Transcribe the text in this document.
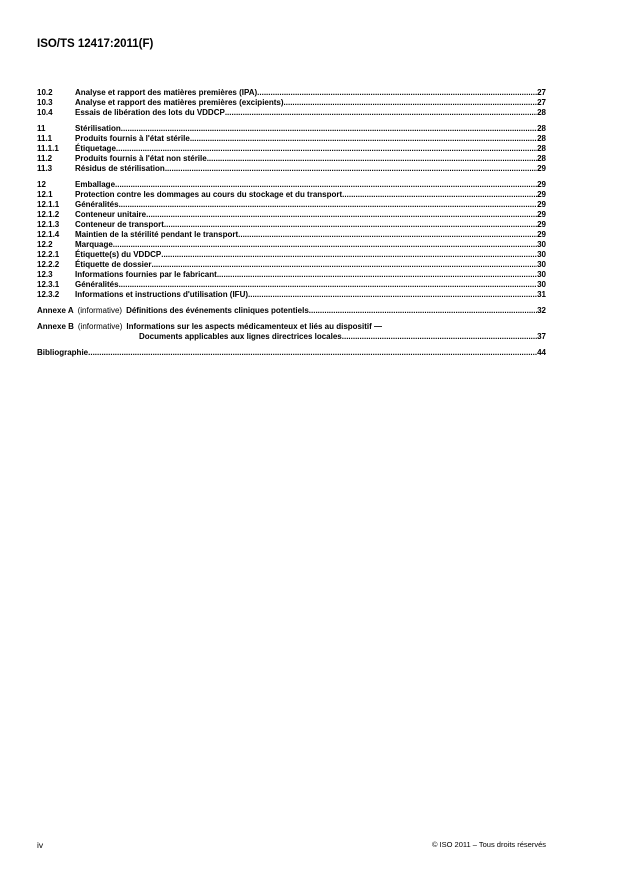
ISO/TS 12417:2011(F)
10.2	Analyse et rapport des matières premières (IPA) .....	27
10.3	Analyse et rapport des matières premières (excipients) .....	27
10.4	Essais de libération des lots du VDDCP .....	28
11	Stérilisation .....	28
11.1	Produits fournis à l'état stérile .....	28
11.1.1	Étiquetage .....	28
11.2	Produits fournis à l'état non stérile .....	28
11.3	Résidus de stérilisation .....	29
12	Emballage .....	29
12.1	Protection contre les dommages au cours du stockage et du transport .....	29
12.1.1	Généralités .....	29
12.1.2	Conteneur unitaire .....	29
12.1.3	Conteneur de transport .....	29
12.1.4	Maintien de la stérilité pendant le transport .....	29
12.2	Marquage .....	30
12.2.1	Étiquette(s) du VDDCP .....	30
12.2.2	Étiquette de dossier .....	30
12.3	Informations fournies par le fabricant .....	30
12.3.1	Généralités .....	30
12.3.2	Informations et instructions d'utilisation (IFU) .....	31
Annexe A (informative) Définitions des événements cliniques potentiels .....	32
Annexe B (informative) Informations sur les aspects médicamenteux et liés au dispositif —
Documents applicables aux lignes directrices locales .....	37
Bibliographie .....	44
iv	© ISO 2011 – Tous droits réservés
